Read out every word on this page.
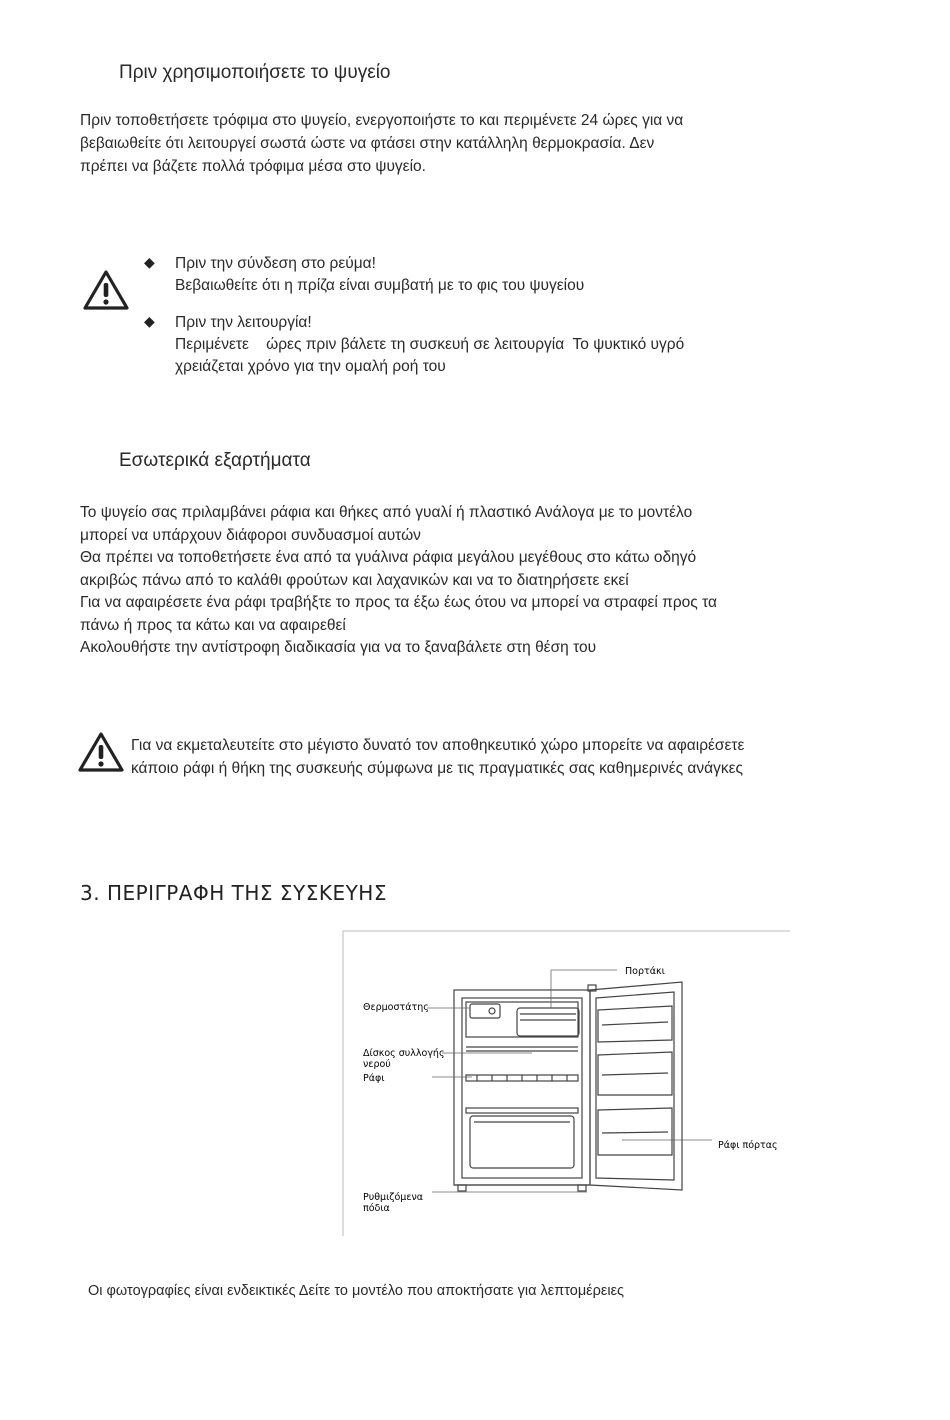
Πριν χρησιμοποιήσετε το ψυγείο
Πριν τοποθετήσετε τρόφιμα στο ψυγείο, ενεργοποιήστε το και περιμένετε 24 ώρες για να
βεβαιωθείτε ότι λειτουργεί σωστά ώστε να φτάσει στην κατάλληλη θερμοκρασία. Δεν
πρέπει να βάζετε πολλά τρόφιμα μέσα στο ψυγείο.
◆ Πριν την σύνδεση στο ρεύμα!
Βεβαιωθείτε ότι η πρίζα είναι συμβατή με το φις του ψυγείου
◆ Πριν την λειτουργία!
Περιμένετε    ώρες πριν βάλετε τη συσκευή σε λειτουργία  Το ψυκτικό υγρό
χρειάζεται χρόνο για την ομαλή ροή του
Εσωτερικά εξαρτήματα
Το ψυγείο σας πριλαμβάνει ράφια και θήκες από γυαλί ή πλαστικό Ανάλογα με το μοντέλο
μπορεί να υπάρχουν διάφοροι συνδυασμοί αυτών
Θα πρέπει να τοποθετήσετε ένα από τα γυάλινα ράφια μεγάλου μεγέθους στο κάτω οδηγό
ακριβώς πάνω από το καλάθι φρούτων και λαχανικών και να το διατηρήσετε εκεί
Για να αφαιρέσετε ένα ράφι τραβήξτε το προς τα έξω έως ότου να μπορεί να στραφεί προς τα
πάνω ή προς τα κάτω και να αφαιρεθεί
Ακολουθήστε την αντίστροφη διαδικασία για να το ξαναβάλετε στη θέση του
Για να εκμεταλευτείτε στο μέγιστο δυνατό τον αποθηκευτικό χώρο μπορείτε να αφαιρέσετε
κάποιο ράφι ή θήκη της συσκευής σύμφωνα με τις πραγματικές σας καθημερινές ανάγκες
3. ΠΕΡΙΓΡΑΦΗ ΤΗΣ ΣΥΣΚΕΥΗΣ
Πορτάκι
Θερμοστάτης
Δίσκος συλλογής
νερού
Ράφι
Ράφι πόρτας
Ρυθμιζόμενα
πόδια
Οι φωτογραφίες είναι ενδεικτικές Δείτε το μοντέλο που αποκτήσατε για λεπτομέρειες
